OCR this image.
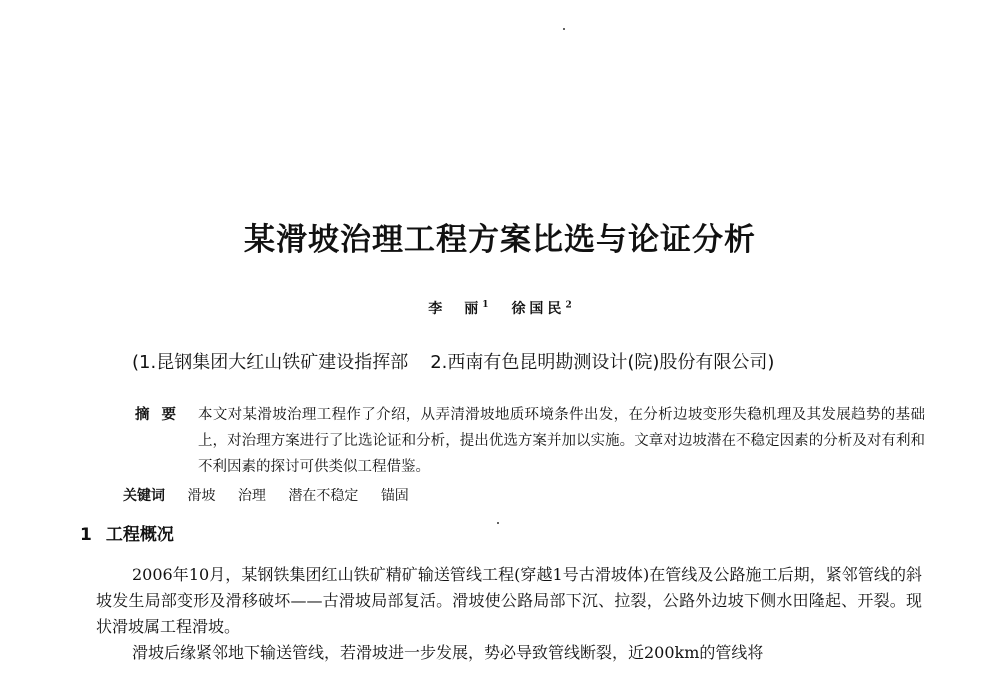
某滑坡治理工程方案比选与论证分析
李　丽$^1$ 徐国民$^2$
(1.昆钢集团大红山铁矿建设指挥部 2.西南有色昆明勘测设计(院)股份有限公司)
摘要 本文对某滑坡治理工程作了介绍，从弄清滑坡地质环境条件出发，在分析边坡变形失稳机理及其发展趋势的基础上，对治理方案进行了比选论证和分析，提出优选方案并加以实施。文章对边坡潜在不稳定因素的分析及对有利和不利因素的探讨可供类似工程借鉴。
关键词 滑坡 治理 潜在不稳定 锚固
1 工程概况
2006年10月，某钢铁集团红山铁矿精矿输送管线工程(穿越1号古滑坡体)在管线及公路施工后期，紧邻管线的斜坡发生局部变形及滑移破坏——古滑坡局部复活。滑坡使公路局部下沉、拉裂，公路外边坡下侧水田隆起、开裂。现状滑坡属工程滑坡。
滑坡后缘紧邻地下输送管线，若滑坡进一步发展，势必导致管线断裂，近200km的管线将
